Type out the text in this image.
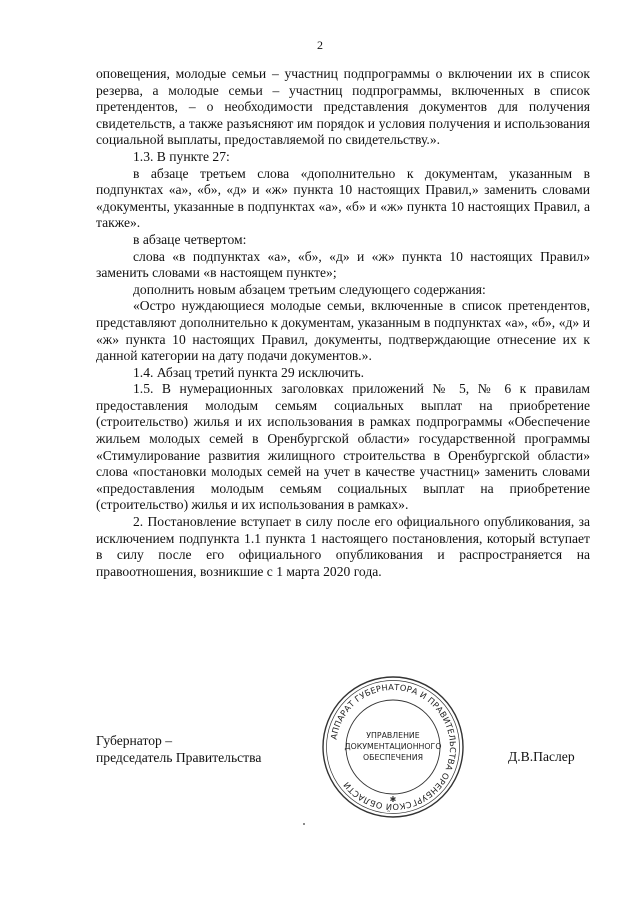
2

оповещения, молодые семьи – участниц подпрограммы о включении их в список резерва, а молодые семьи – участниц подпрограммы, включенных в список претендентов, – о необходимости представления документов для получения свидетельств, а также разъясняют им порядок и условия получения и использования социальной выплаты, предоставляемой по свидетельству.».

1.3. В пункте 27:

в абзаце третьем слова «дополнительно к документам, указанным в подпунктах «а», «б», «д» и «ж» пункта 10 настоящих Правил,» заменить словами «документы, указанные в подпунктах «а», «б» и «ж» пункта 10 настоящих Правил, а также».

в абзаце четвертом:

слова «в подпунктах «а», «б», «д» и «ж» пункта 10 настоящих Правил» заменить словами «в настоящем пункте»;

дополнить новым абзацем третьим следующего содержания:

«Остро нуждающиеся молодые семьи, включенные в список претендентов, представляют дополнительно к документам, указанным в подпунктах «а», «б», «д» и «ж» пункта 10 настоящих Правил, документы, подтверждающие отнесение их к данной категории на дату подачи документов.».

1.4. Абзац третий пункта 29 исключить.

1.5. В нумерационных заголовках приложений № 5, № 6 к правилам предоставления молодым семьям социальных выплат на приобретение (строительство) жилья и их использования в рамках подпрограммы «Обеспечение жильем молодых семей в Оренбургской области» государственной программы «Стимулирование развития жилищного строительства в Оренбургской области» слова «постановки молодых семей на учет в качестве участниц» заменить словами «предоставления молодым семьям социальных выплат на приобретение (строительство) жилья и их использования в рамках».

2. Постановление вступает в силу после его официального опубликования, за исключением подпункта 1.1 пункта 1 настоящего постановления, который вступает в силу после его официального опубликования и распространяется на правоотношения, возникшие с 1 марта 2020 года.

Губернатор –
председатель Правительства	Д.В.Паслер
АППАРАТ ГУБЕРНАТОРА И ПРАВИТЕЛЬСТВА ОРЕНБУРГСКОЙ ОБЛАСТИ
УПРАВЛЕНИЕ
ДОКУМЕНТАЦИОННОГО
ОБЕСПЕЧЕНИЯ
✱
